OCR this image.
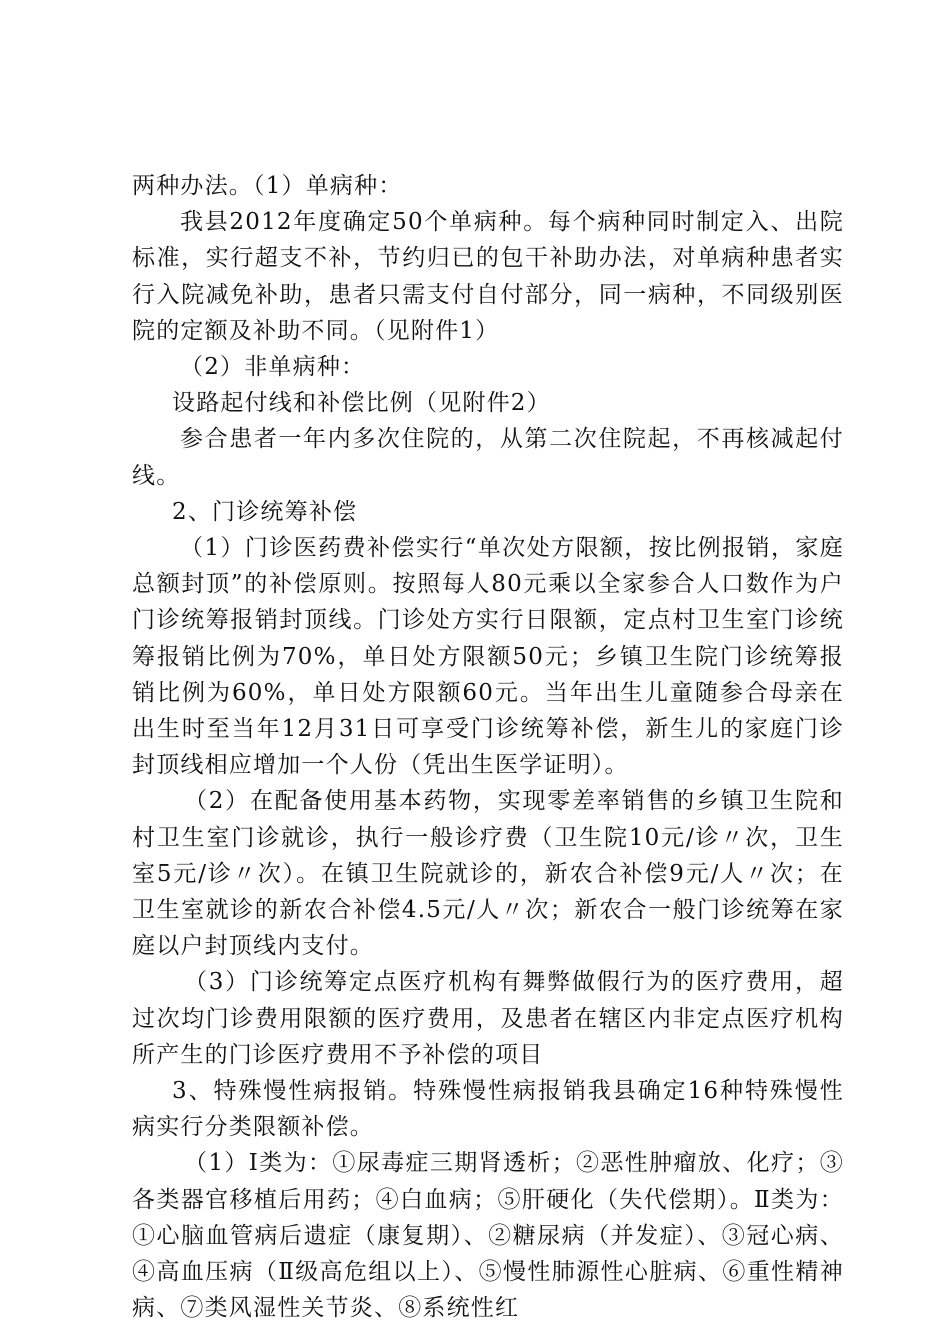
两种办法。（1）单病种：

我县2012年度确定50个单病种。每个病种同时制定入、出院标准，实行超支不补，节约归已的包干补助办法，对单病种患者实行入院减免补助，患者只需支付自付部分，同一病种，不同级别医院的定额及补助不同。（见附件1）

（2）非单病种：

设路起付线和补偿比例（见附件2）

参合患者一年内多次住院的，从第二次住院起，不再核减起付线。

2、门诊统筹补偿

（1）门诊医药费补偿实行“单次处方限额，按比例报销，家庭总额封顶”的补偿原则。按照每人80元乘以全家参合人口数作为户门诊统筹报销封顶线。门诊处方实行日限额，定点村卫生室门诊统筹报销比例为70%，单日处方限额50元；乡镇卫生院门诊统筹报销比例为60%，单日处方限额60元。当年出生儿童随参合母亲在出生时至当年12月31日可享受门诊统筹补偿，新生儿的家庭门诊封顶线相应增加一个人份（凭出生医学证明）。

（2）在配备使用基本药物，实现零差率销售的乡镇卫生院和村卫生室门诊就诊，执行一般诊疗费（卫生院10元/诊〃次，卫生室5元/诊〃次）。在镇卫生院就诊的，新农合补偿9元/人〃次；在卫生室就诊的新农合补偿4.5元/人〃次；新农合一般门诊统筹在家庭以户封顶线内支付。

（3）门诊统筹定点医疗机构有舞弊做假行为的医疗费用，超过次均门诊费用限额的医疗费用，及患者在辖区内非定点医疗机构所产生的门诊医疗费用不予补偿的项目

3、特殊慢性病报销。特殊慢性病报销我县确定16种特殊慢性病实行分类限额补偿。

（1）Ⅰ类为：①尿毒症三期肾透析；②恶性肿瘤放、化疗；③各类器官移植后用药；④白血病；⑤肝硬化（失代偿期）。Ⅱ类为：①心脑血管病后遗症（康复期）、②糖尿病（并发症）、③冠心病、④高血压病（Ⅱ级高危组以上）、⑤慢性肺源性心脏病、⑥重性精神病、⑦类风湿性关节炎、⑧系统性红
